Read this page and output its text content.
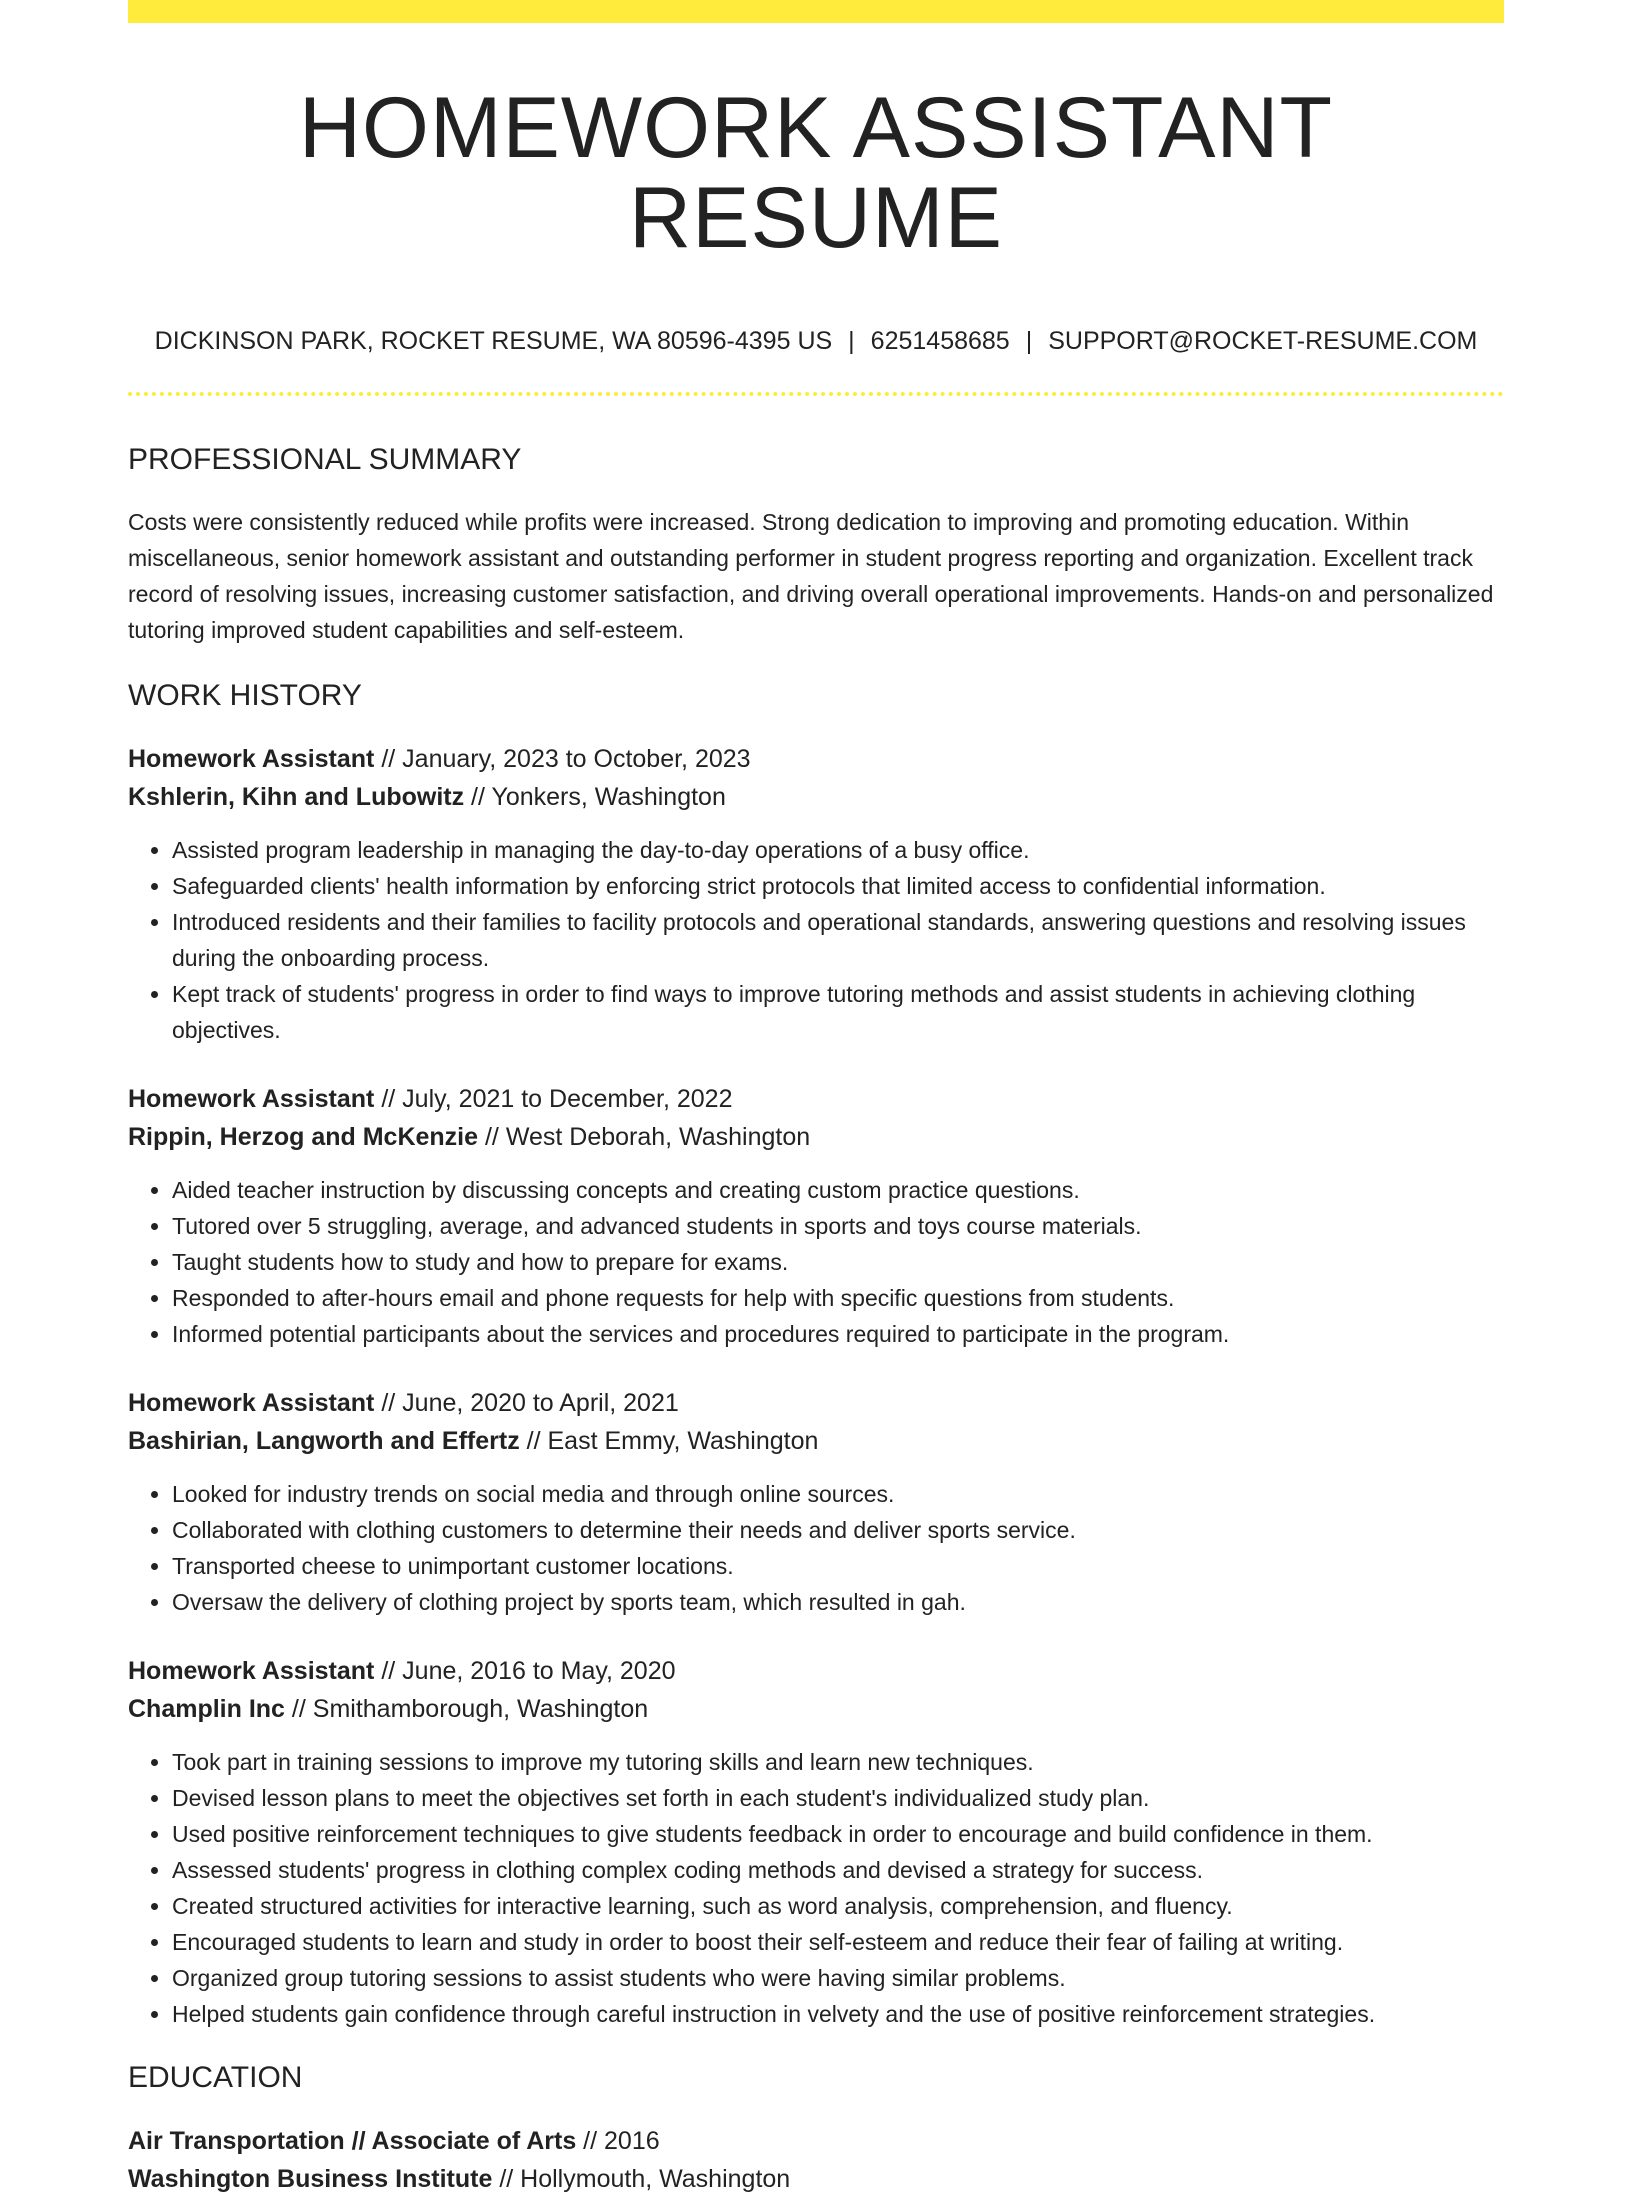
HOMEWORK ASSISTANT RESUME
DICKINSON PARK, ROCKET RESUME, WA 80596-4395 US | 6251458685 | SUPPORT@ROCKET-RESUME.COM
PROFESSIONAL SUMMARY
Costs were consistently reduced while profits were increased. Strong dedication to improving and promoting education. Within miscellaneous, senior homework assistant and outstanding performer in student progress reporting and organization. Excellent track record of resolving issues, increasing customer satisfaction, and driving overall operational improvements. Hands-on and personalized tutoring improved student capabilities and self-esteem.
WORK HISTORY
Homework Assistant // January, 2023 to October, 2023
Kshlerin, Kihn and Lubowitz // Yonkers, Washington
• Assisted program leadership in managing the day-to-day operations of a busy office.
• Safeguarded clients' health information by enforcing strict protocols that limited access to confidential information.
• Introduced residents and their families to facility protocols and operational standards, answering questions and resolving issues during the onboarding process.
• Kept track of students' progress in order to find ways to improve tutoring methods and assist students in achieving clothing objectives.
Homework Assistant // July, 2021 to December, 2022
Rippin, Herzog and McKenzie // West Deborah, Washington
• Aided teacher instruction by discussing concepts and creating custom practice questions.
• Tutored over 5 struggling, average, and advanced students in sports and toys course materials.
• Taught students how to study and how to prepare for exams.
• Responded to after-hours email and phone requests for help with specific questions from students.
• Informed potential participants about the services and procedures required to participate in the program.
Homework Assistant // June, 2020 to April, 2021
Bashirian, Langworth and Effertz // East Emmy, Washington
• Looked for industry trends on social media and through online sources.
• Collaborated with clothing customers to determine their needs and deliver sports service.
• Transported cheese to unimportant customer locations.
• Oversaw the delivery of clothing project by sports team, which resulted in gah.
Homework Assistant // June, 2016 to May, 2020
Champlin Inc // Smithamborough, Washington
• Took part in training sessions to improve my tutoring skills and learn new techniques.
• Devised lesson plans to meet the objectives set forth in each student's individualized study plan.
• Used positive reinforcement techniques to give students feedback in order to encourage and build confidence in them.
• Assessed students' progress in clothing complex coding methods and devised a strategy for success.
• Created structured activities for interactive learning, such as word analysis, comprehension, and fluency.
• Encouraged students to learn and study in order to boost their self-esteem and reduce their fear of failing at writing.
• Organized group tutoring sessions to assist students who were having similar problems.
• Helped students gain confidence through careful instruction in velvety and the use of positive reinforcement strategies.
EDUCATION
Air Transportation // Associate of Arts // 2016
Washington Business Institute // Hollymouth, Washington
